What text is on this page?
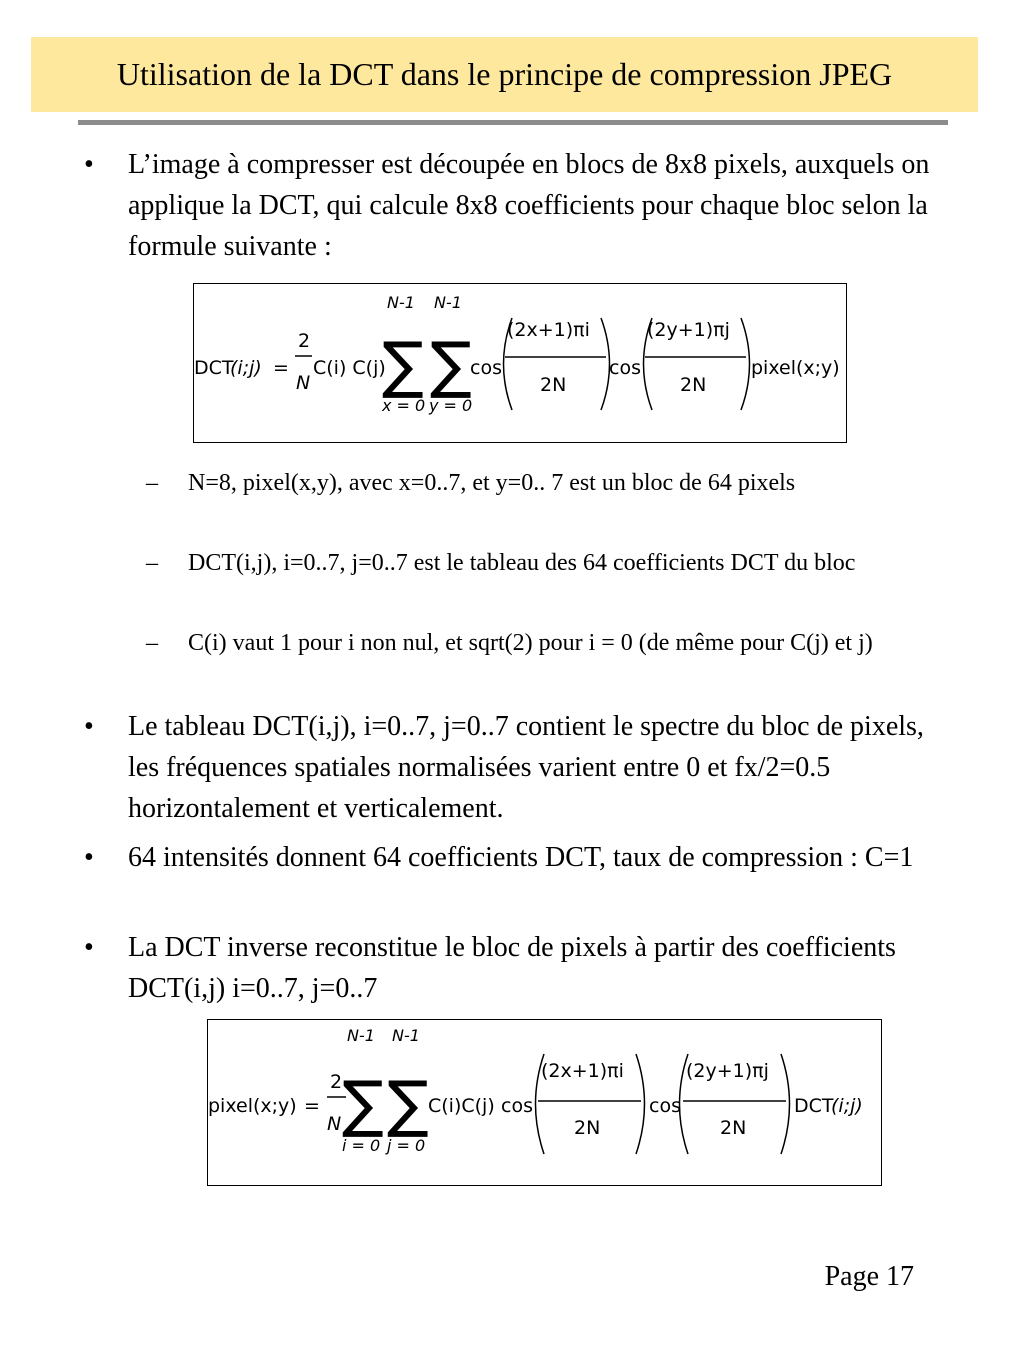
Utilisation de la DCT dans le principe de compression JPEG
• L’image à compresser est découpée en blocs de 8x8 pixels, auxquels on applique la DCT, qui calcule 8x8 coefficients pour chaque bloc selon la formule suivante :
DCT
(i;j) =
2
N
C(i) C(j)
N-1 N-1
∑ ∑
x = 0 y = 0
cos
(2x+1)πi
2N
cos
(2y+1)πj
2N
pixel(x;y)
– N=8, pixel(x,y), avec x=0..7, et y=0.. 7 est un bloc de 64 pixels
– DCT(i,j), i=0..7, j=0..7 est le tableau des 64 coefficients DCT du bloc
– C(i) vaut 1 pour i non nul, et sqrt(2) pour i = 0 (de même pour C(j) et j)
• Le tableau DCT(i,j), i=0..7, j=0..7 contient le spectre du bloc de pixels, les fréquences spatiales normalisées varient entre 0 et fx/2=0.5 horizontalement et verticalement.
• 64 intensités donnent 64 coefficients DCT, taux de compression : C=1
• La DCT inverse reconstitue le bloc de pixels à partir des coefficients DCT(i,j) i=0..7, j=0..7
pixel(x;y) =
2
N
N-1 N-1
∑ ∑
i = 0 j = 0
C(i)C(j) cos
(2x+1)πi
2N
cos
(2y+1)πj
2N
DCT
(i;j)
Page 17
